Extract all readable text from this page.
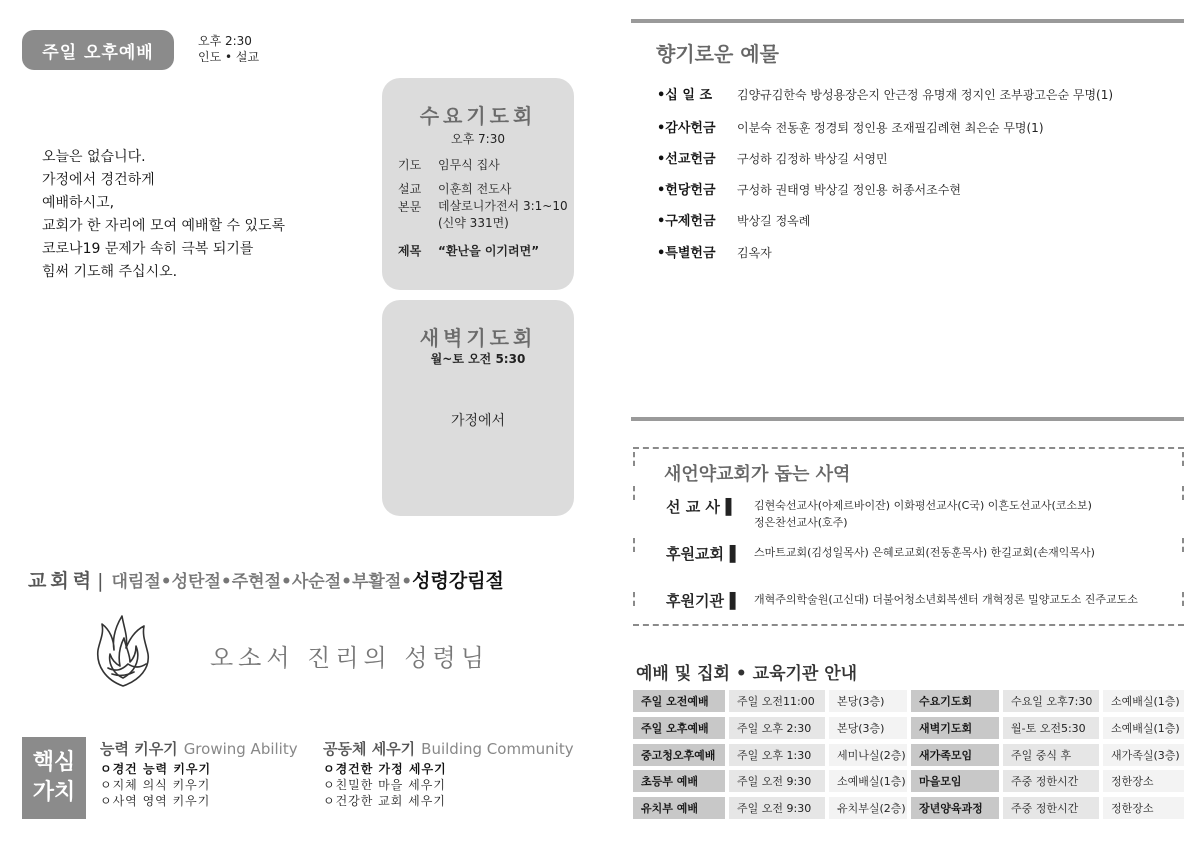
주일 오후예배
오후 2:30
인도 • 설교
오늘은 없습니다.
가정에서 경건하게
예배하시고,
교회가 한 자리에 모여 예배할 수 있도록
코로나19 문제가 속히 극복 되기를
힘써 기도해 주십시오.
수요기도회
오후 7:30
기도	임무식 집사
설교	이훈희 전도사
본문	데살로니가전서 3:1~10
(신약 331면)
제목	“환난을 이기려면”
새벽기도회
월~토 오전 5:30
가정에서
교회력 | 대림절•성탄절•주현절•사순절•부활절• 성령강림절
오소서 진리의 성령님
핵심
가치
능력 키우기 Growing Ability
ㅇ경건 능력 키우기
ㅇ지체 의식 키우기
ㅇ사역 영역 키우기
공동체 세우기 Building Community
ㅇ경건한 가정 세우기
ㅇ친밀한 마을 세우기
ㅇ건강한 교회 세우기
향기로운 예물
•십 일 조	김양규김한숙 방성용장은지 안근정 유명재 정지인 조부광고은순 무명(1)
•감사헌금	이분숙 전동훈 정경퇴 정인용 조재필김례현 최은순 무명(1)
•선교헌금	구성하 김정하 박상길 서영민
•헌당헌금	구성하 권태영 박상길 정인용 허종서조수현
•구제헌금	박상길 정옥례
•특별헌금	김옥자
새언약교회가 돕는 사역
선 교 사▐	김현숙선교사(아제르바이잔) 이화평선교사(C국) 이흔도선교사(코소보)
정은찬선교사(호주)
후원교회▐	스마트교회(김성일목사) 은혜로교회(전동훈목사) 한길교회(손재익목사)
후원기관▐	개혁주의학술원(고신대) 더불어청소년회복센터 개혁정론 밀양교도소 진주교도소
예배 및 집회 • 교육기관 안내
주일 오전예배	주일 오전11:00	본당(3층)	수요기도회	수요일 오후7:30	소예배실(1층)
주일 오후예배	주일 오후 2:30	본당(3층)	새벽기도회	월-토 오전5:30	소예배실(1층)
중고청오후예배	주일 오후 1:30	세미나실(2층)	새가족모임	주일 중식 후	새가족실(3층)
초등부 예배	주일 오전 9:30	소예배실(1층)	마을모임	주중 정한시간	정한장소
유치부 예배	주일 오전 9:30	유치부실(2층)	장년양육과정	주중 정한시간	정한장소
